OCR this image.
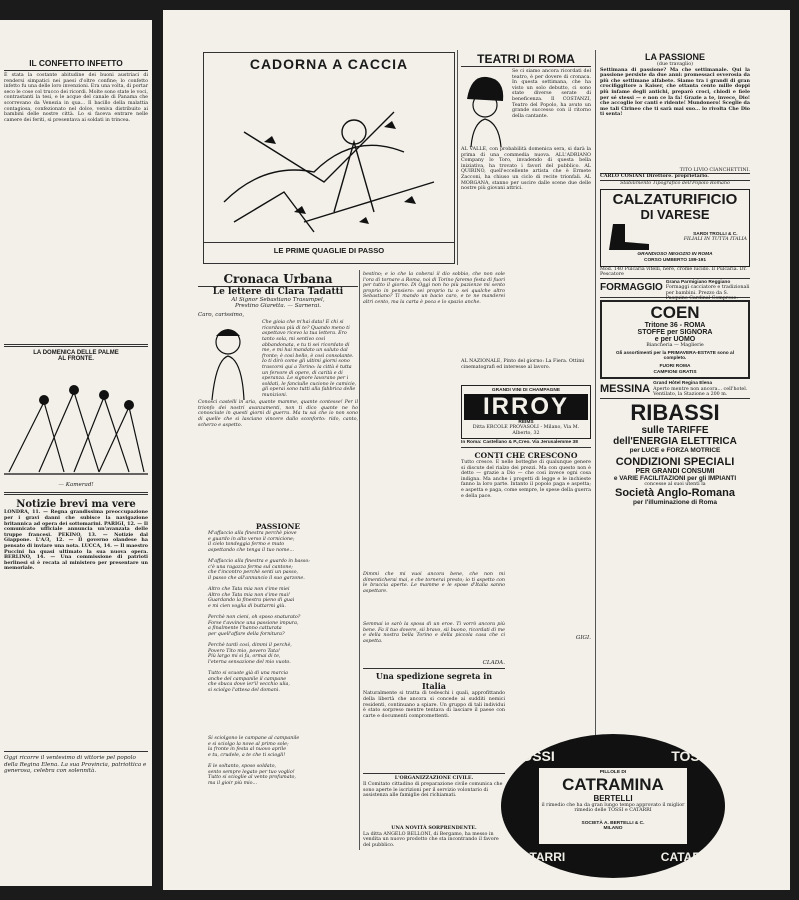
IL CONFETTO INFETTO
È stata la costante abitudine dei buoni austriaci di rendersi simpatici nei paesi d'oltre confine; lo confetto infetto fu una delle loro invenzioni. Era una volta, di portar seco le cose col trucco dei ricordi. Molte sono state le voci, contrastanti la tesi, e le acque del canale di Panama che scorrevano da Venezia in qua... Il bacillo della malattia contagiosa, confezionato nel dolce, veniva distribuito ai bambini delle nostre città. Lo si faceva entrare nelle camere dei feriti, si presentava ai soldati in trincea.
LA DOMENICA DELLE PALME
AL FRONTE.
— Kamerad!
Notizie brevi ma vere
LONDRA, 11. — Regna grandissima preoccupazione per i gravi danni che subisce la navigazione britannica ad opera dei sottomarini. PARIGI, 12. — Il comunicato ufficiale annuncia un'avanzata delle truppe francesi. PEKINO, 13. — Notizie dal Giappone. L'A/3, 12. — Il governo olandese ha pensato di inviare una nota. LUCCA, 14. — Il maestro Puccini ha quasi ultimato la sua nuova opera. BERLINO, 14. — Una commissione di patrioti berlinesi si è recata al ministero per presentare un memoriale.
Oggi ricorre il ventesimo di vittorie pel popolo della Regina Elena. La sua Provincia, patriottica e generosa, celebra con solennità.
CADORNA A CACCIA
LE PRIME QUAGLIE DI PASSO
Cronaca Urbana
Le lettere di Clara Tadatti
Al Signor Sebastiano Trasumpel,
Prestino Giaretta. — Sarnerai.
Caro, carissimo,
Che gioia che m'hai data! E chi si ricordava più di te? Quando meno ti aspettavo ricevo la tua lettera. Ero tanto sola, mi sentivo così abbandonata, e tu ti sei ricordato di me, e mi hai mandato un saluto dal fronte; è così bello, è così consolante. Io ti dirò come gli ultimi giorni sono trascorsi qui a Torino: la città è tutta un fervore di opere, di carità e di speranza. Le signore lavorano per i soldati, le fanciulle cuciono le camicie, gli operai sono tutti alla fabbrica delle munizioni.
Conosci castelli in aria, quante mamme, quante contesse! Per il trionfo dei nostri avanzamenti, non ti dico quante ne ho conosciute in questi giorni di guerra. Ma tu sai che io non sono di quelle che si lasciano vincere dallo sconforto: rido, canto, scherzo e aspetto.
PASSIONE
M'affaccio alla finestra perchè piove
e guardo in alto verso il cornicione;
il cielo tondeggia fermo e muto
aspettando che tenga il tuo nome...

M'affaccio alla finestra e guardo in basso:
c'è una ragazza ferma sul cantone;
che t'incontro perchè senti un passo,
il passo che all'annuncio il suo garzone.

Altro che Tata mia non s'ime miei
Altro che Tata mia non s'ime mai!
Guardando la finestra pieno di guai
e mi cien voglia di buttarmi giù.

Perchè non cieni, oh sposo snaturato?
Forse t'avvince una passione impura,
a finalmente l'hanno catturata
per quell'affare della fornitura?

Perchè tardi così, dimmi il perchè,
Povero Tito mio, povero Tata!
Più largo mi si fa, ormai di te,
l'eterna sensazione del mio vuoto.

Tutto si scuote già di una marcia
anche del campanile il campane
che sbuca dove ier'il vecchio ulia,
si sciolgo l'attesa del domani.
Si sciolgono le campane al campanile
e si sciolgo la nove al primo sole;
la fronte in festa al nuovo aprile
e tu, crudele, a te che ti sciogli!

E le soltanto, sposo soldato,
sento sempre legato per tuo voglio!
Tutto si scioglie al vento profumato,
ma il gioir più mio...
bestino; e io che la coberai il dio sobbio, che non sole l'ora di tornare a Roma, noi di Torino faremo festa di fuori per tutto il giorno. Di Oggi non ho più pazienze mi sento proprio in pensiero: sei proprio tu o sei qualche altro Sebastiano? Ti mando un bacio caro, e te ne manderei altri cento, ma la carta è poca e lo spazio anche.
Dimmi che mi vuoi ancora bene, che non mi dimenticherai mai, e che tornerai presto; io ti aspetto con le braccia aperte. Le mamme e le spose d'Italia sanno aspettare.
Semmai io sarò la sposa di un eroe. Ti vorrò ancora più bene. Fa il tuo dovere, sii bravo, sii buono, ricordati di me e della nostra bella Torino e della piccola casa che ci aspetta.
CLADA.
Una spedizione segreta in Italia
Naturalmente si tratta di tedeschi i quali, approfittando della libertà che ancora si concede ai sudditi nemici residenti, continuano a spiare. Un gruppo di tali individui è stato sorpreso mentre tentava di lasciare il paese con carte e documenti compromettenti.
L'ORGANIZZAZIONE CIVILE.
Il Comitato cittadino di preparazione civile comunica che sono aperte le iscrizioni per il servizio volontario di assistenza alle famiglie dei richiamati.
UNA NOVITÀ SORPRENDENTE.
La ditta ANGELO BELLONI, di Bergamo, ha messo in vendita un nuovo prodotto che sta incontrando il favore del pubblico.
TEATRI DI ROMA
Se ci siamo ancora ricordati del teatro, è per dovere di cronaca. In questa settimana, che ha visto un solo debutto, ci sono state diverse serate di beneficenza. Il COSTANZI, Teatro del Popolo, ha avuto un grande successo con il ritorno della cantante.
AL VALLE, con probabilità domenica sera, si darà la prima di una commedia nuova. ALL'ADRIANO Company lo Toro, invadendo di questa bella iniziativa, ha trovato i favori del pubblico. AL QUIRINO, quell'eccellente artista che è Ermete Zacconi, ha chiuso un ciclo di recite trionfali. AL MORGANA, stanno per uscire dalle scene due delle nostre più giovani attrici.
AL NAZIONALE, Pinto del giorno: La Fiera. Ottimi cinematografi ed interesse al lavoro.
GRANDI VINI DI CHAMPAGNE
IRROY
REIMS
Ditta ERCOLE PROVASOLI - Milano, Via M. Alberto, 32
In Roma: Castellano & P.,Creo. Via Jerusalemme 38
CONTI CHE CRESCONO
Tutto cresce. E nelle botteghe di qualunque genere si discute del rialzo dei prezzi. Ma con questo non è detto — grazie a Dio — che così invece ogni cosa indigna. Ma anche i progetti di legge e le inchieste fanno la loro parte. Intanto il popolo paga e aspetta; e aspetta e paga, come sempre, le spese della guerra e della pace.
GIGI.
LA PASSIONE
(due travaglio)
Settimana di passione? Ma che settimanale. Qui la passione persiste da due anni: promessaci ovverosia da più che settimane alfabete. Siamo tra i grandi di gran crocifiggitore a Kaiser, che ottanta cento mille doppi più infame degli antichi, preparò croci, chiodi e fiele per sé stessi — e non ce la fa! Grazie a te, invece, Dio! che accoglie lor canti e ridente! Mundonero! Sceglie da me tali Cirineo che ti sarà mai suo... lo rivolta Che Dio ti senta!
TITO LIVIO CIANCHETTINI.
CARLO COSIANI Direttore. proprietario.
Stabilimento Tipografico dell'Popolo Romano
CALZATURIFICIO
DI VARESE
SARDI TROLLI & C.
FILIALI IN TUTTA ITALIA
GRANDIOSO NEGOZIO IN ROMA
CORSO UMBERTO 189-191
Mod. 140 Pulcaria vitelli, nere, crome lucido. Il Pulcaria. Dr. Pescatore
FORMAGGIO
Grana Parmigiano Reggiano
Formaggi cacciatore e tradizionali per bambini. Prezzo da S. Pasquino Cardinal Comprese.
COEN
Tritone 36 - ROMA
STOFFE per SIGNORA
e per UOMO
Biancheria — Maglierie
Gli assortimenti per la PRIMAVERA-ESTATE sono al completo.
FUORI ROMA
CAMPIONI GRATIS
MESSINA Grand Hôtel Regina Elena
Aperto mentre non ancora... cell'hotel. Ventilato, la Stazione a 200 m.
RIBASSI
sulle TARIFFE
dell'ENERGIA ELETTRICA
per LUCE e FORZA MOTRICE
CONDIZIONI SPECIALI
PER GRANDI CONSUMI
e VARIE FACILITAZIONI per gli IMPIANTI
concesse al suoi utenti la
Società Anglo-Romana
per l'illuminazione di Roma
TOSSI	TOSSI
CATARRI	CATARRI
PILLOLE DI
CATRAMINA
BERTELLI
il rimedio che ha da gran lungo tempo approvato il miglior rimedio delle TOSSI e CATARRI
SOCIETÀ A. BERTELLI & C.
MILANO
